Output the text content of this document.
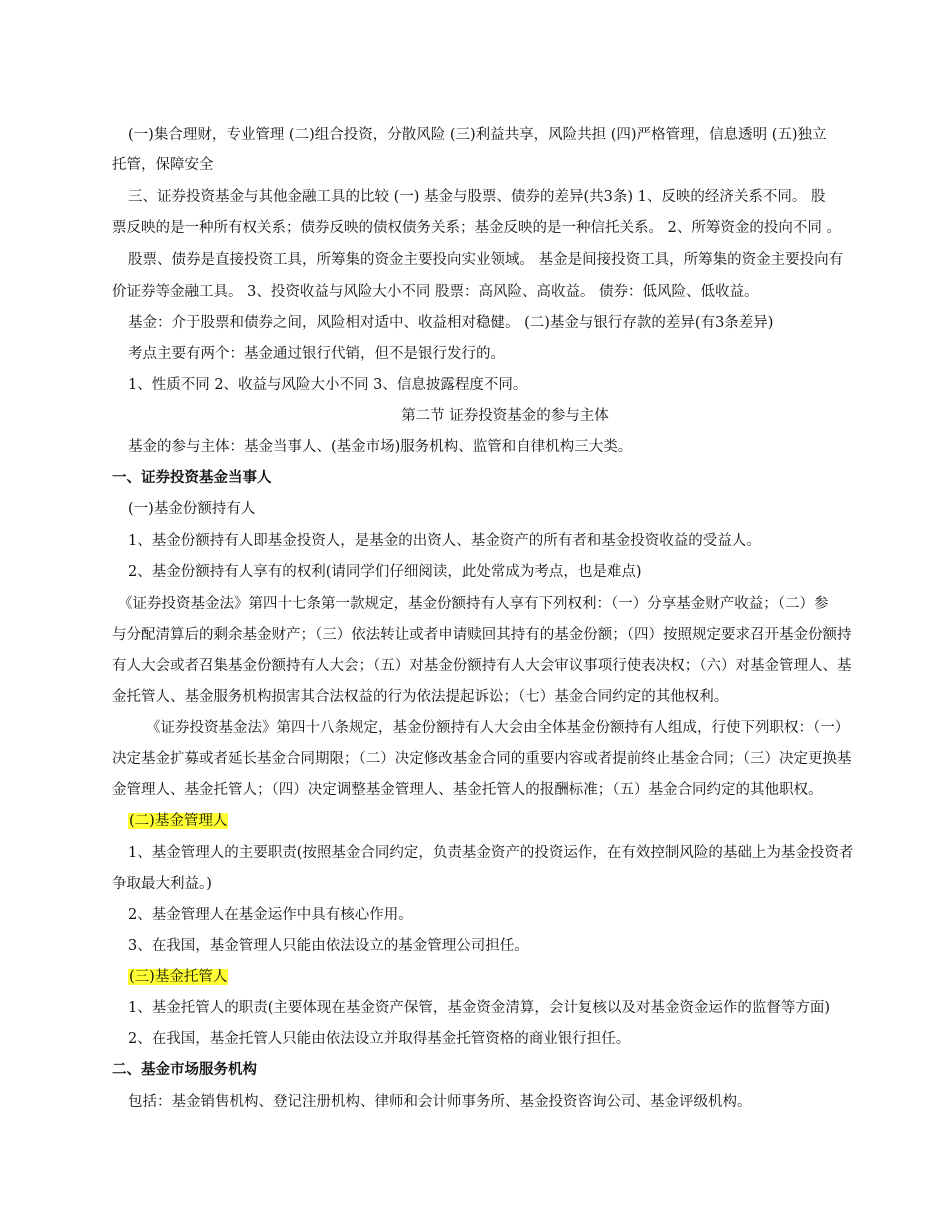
(一)集合理财，专业管理 (二)组合投资，分散风险 (三)利益共享，风险共担 (四)严格管理，信息透明 (五)独立
托管，保障安全
三、证券投资基金与其他金融工具的比较 (一) 基金与股票、债券的差异(共3条) 1、反映的经济关系不同。 股
票反映的是一种所有权关系；债券反映的债权债务关系；基金反映的是一种信托关系。 2、所筹资金的投向不同 。
股票、债券是直接投资工具，所筹集的资金主要投向实业领域。 基金是间接投资工具，所筹集的资金主要投向有
价证券等金融工具。 3、投资收益与风险大小不同 股票：高风险、高收益。 债券：低风险、低收益。
基金：介于股票和债券之间，风险相对适中、收益相对稳健。 (二)基金与银行存款的差异(有3条差异)
考点主要有两个：基金通过银行代销，但不是银行发行的。
1、性质不同 2、收益与风险大小不同 3、信息披露程度不同。
第二节 证券投资基金的参与主体
基金的参与主体：基金当事人、(基金市场)服务机构、监管和自律机构三大类。
一、证券投资基金当事人
(一)基金份额持有人
1、基金份额持有人即基金投资人，是基金的出资人、基金资产的所有者和基金投资收益的受益人。
2、基金份额持有人享有的权利(请同学们仔细阅读，此处常成为考点，也是难点)
《证券投资基金法》第四十七条第一款规定，基金份额持有人享有下列权利：（一）分享基金财产收益；（二）参
与分配清算后的剩余基金财产；（三）依法转让或者申请赎回其持有的基金份额；（四）按照规定要求召开基金份额持
有人大会或者召集基金份额持有人大会；（五）对基金份额持有人大会审议事项行使表决权；（六）对基金管理人、基
金托管人、基金服务机构损害其合法权益的行为依法提起诉讼；（七）基金合同约定的其他权利。
《证券投资基金法》第四十八条规定，基金份额持有人大会由全体基金份额持有人组成，行使下列职权：（一）
决定基金扩募或者延长基金合同期限；（二）决定修改基金合同的重要内容或者提前终止基金合同；（三）决定更换基
金管理人、基金托管人；（四）决定调整基金管理人、基金托管人的报酬标准；（五）基金合同约定的其他职权。
(二)基金管理人
1、基金管理人的主要职责(按照基金合同约定，负责基金资产的投资运作，在有效控制风险的基础上为基金投资者
争取最大利益。)
2、基金管理人在基金运作中具有核心作用。
3、在我国，基金管理人只能由依法设立的基金管理公司担任。
(三)基金托管人
1、基金托管人的职责(主要体现在基金资产保管，基金资金清算，会计复核以及对基金资金运作的监督等方面)
2、在我国，基金托管人只能由依法设立并取得基金托管资格的商业银行担任。
二、基金市场服务机构
包括：基金销售机构、登记注册机构、律师和会计师事务所、基金投资咨询公司、基金评级机构。
